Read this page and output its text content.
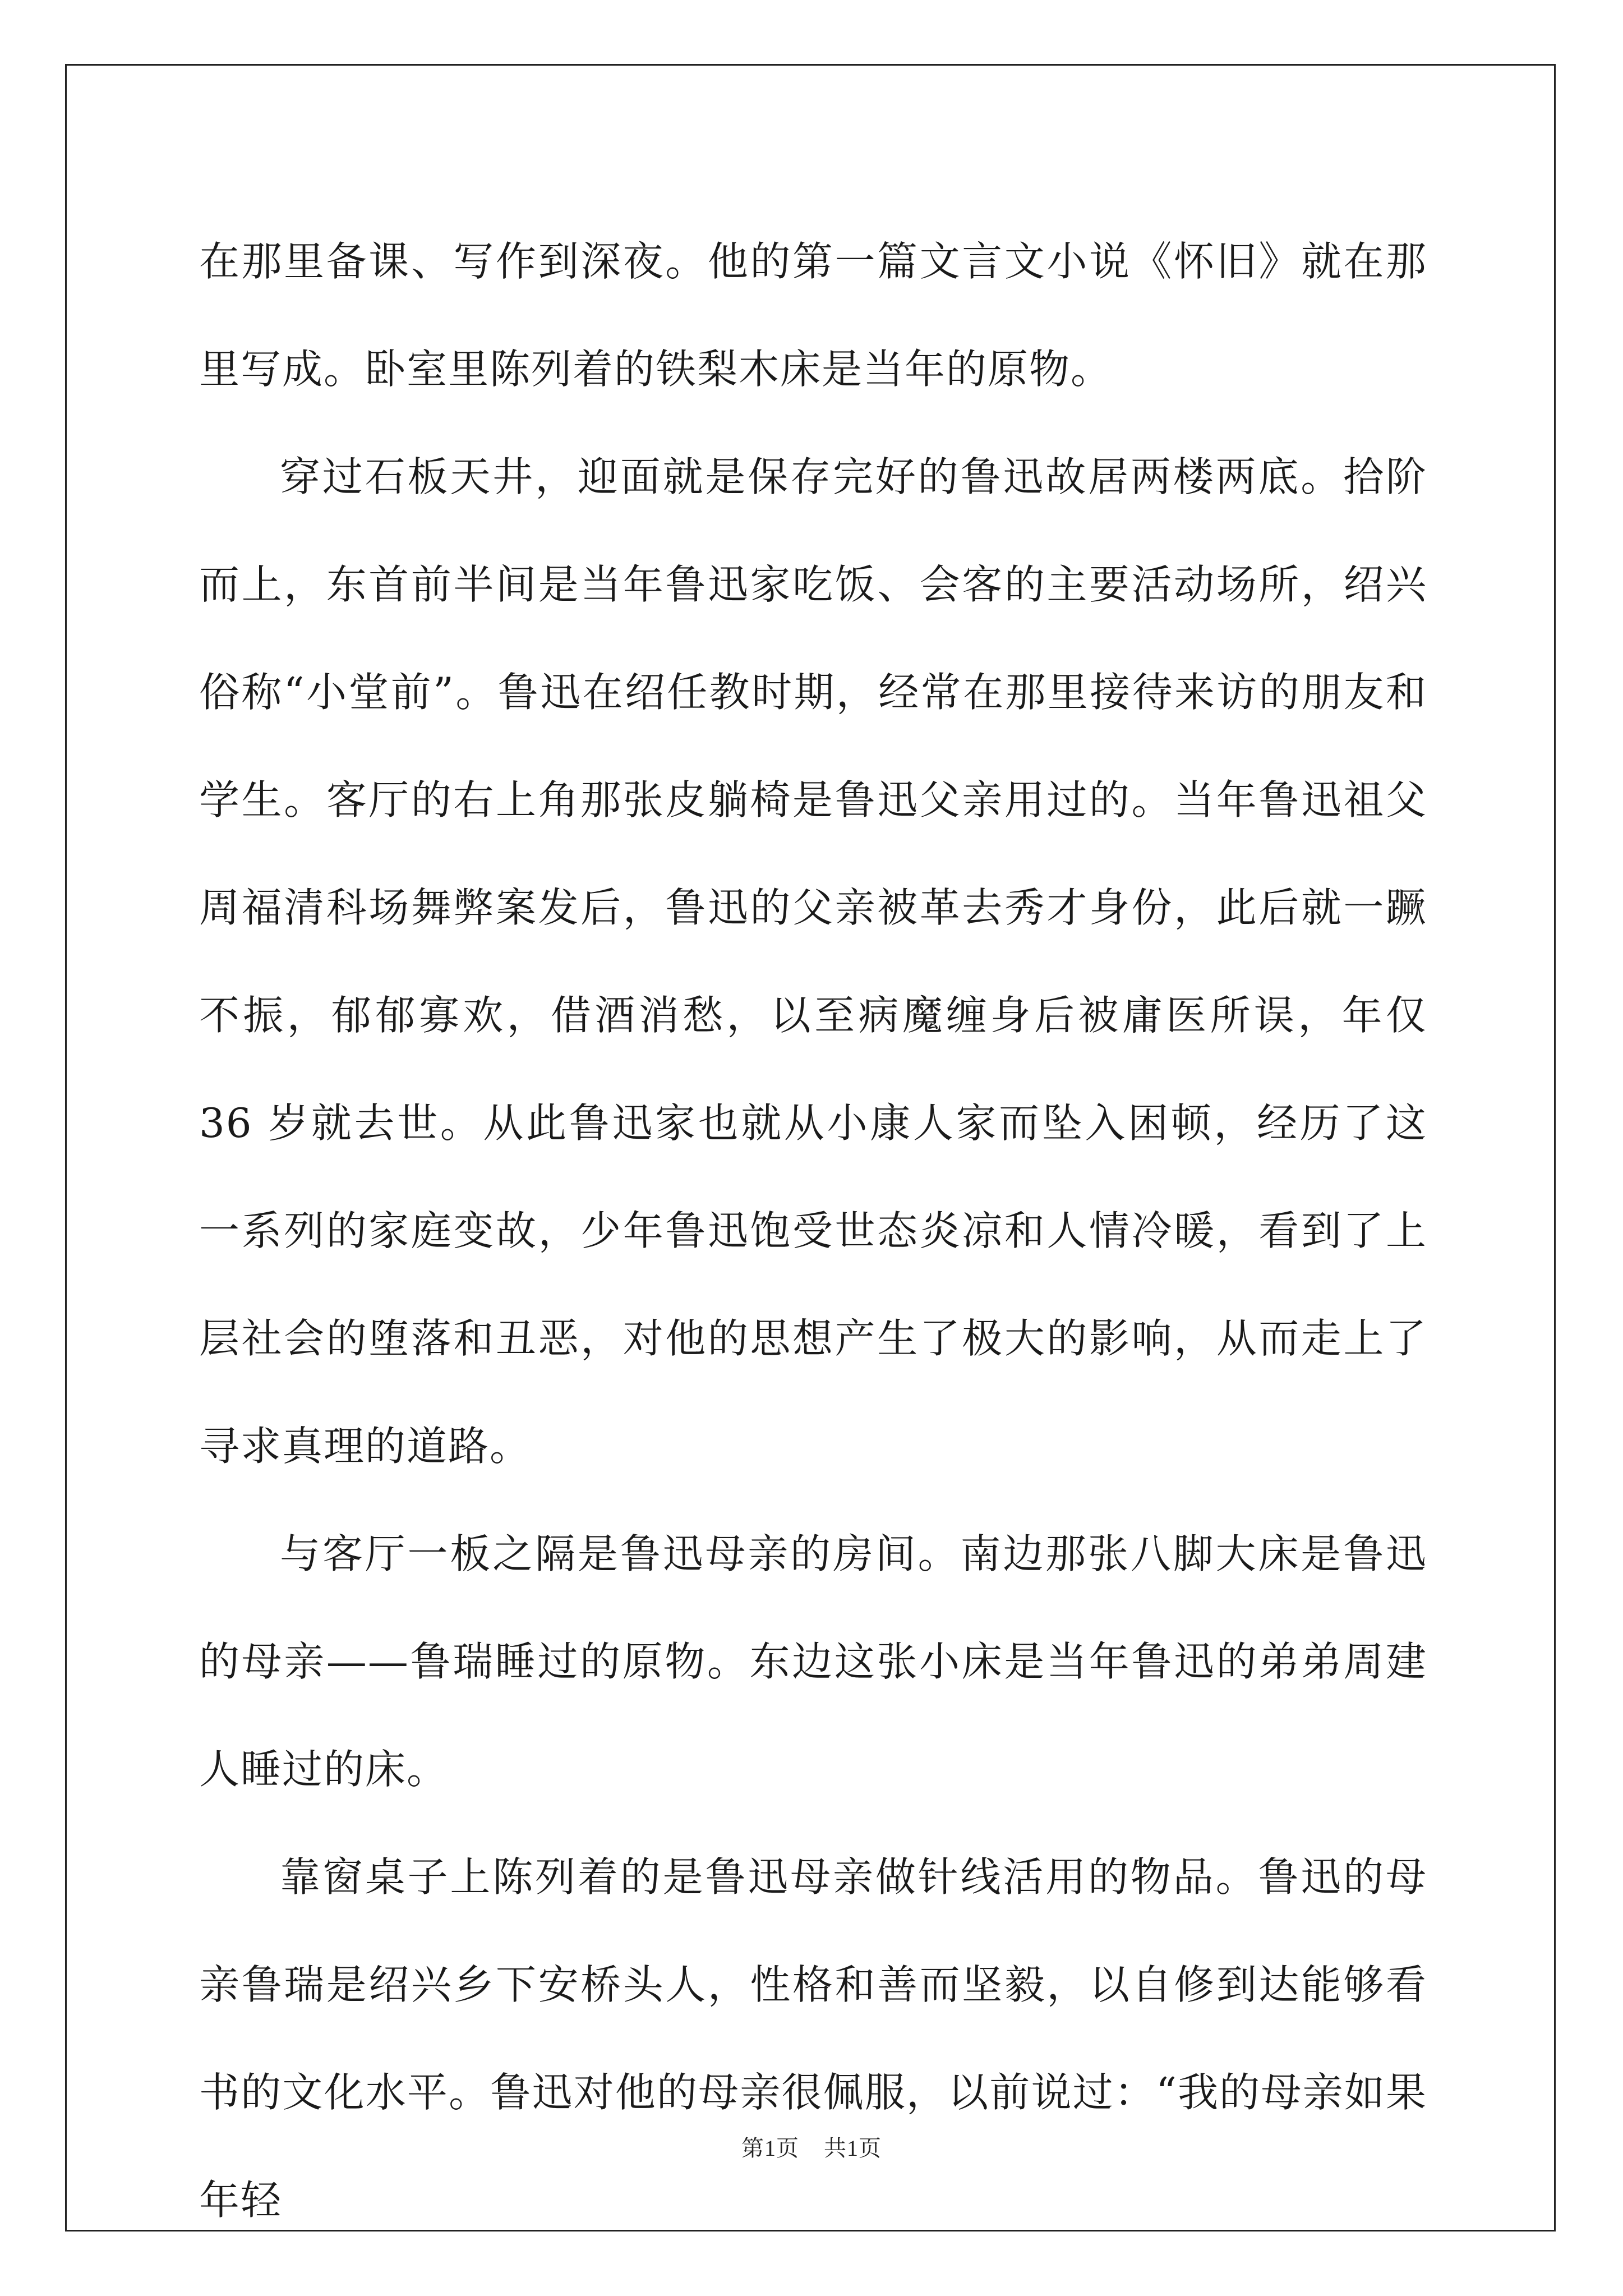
在那里备课、写作到深夜。他的第一篇文言文小说《怀旧》就在那里写成。卧室里陈列着的铁梨木床是当年的原物。

穿过石板天井，迎面就是保存完好的鲁迅故居两楼两底。拾阶而上，东首前半间是当年鲁迅家吃饭、会客的主要活动场所，绍兴俗称“小堂前”。鲁迅在绍任教时期，经常在那里接待来访的朋友和学生。客厅的右上角那张皮躺椅是鲁迅父亲用过的。当年鲁迅祖父周福清科场舞弊案发后，鲁迅的父亲被革去秀才身份，此后就一蹶不振，郁郁寡欢，借酒消愁，以至病魔缠身后被庸医所误，年仅 36 岁就去世。从此鲁迅家也就从小康人家而坠入困顿，经历了这一系列的家庭变故，少年鲁迅饱受世态炎凉和人情冷暖，看到了上层社会的堕落和丑恶，对他的思想产生了极大的影响，从而走上了寻求真理的道路。

与客厅一板之隔是鲁迅母亲的房间。南边那张八脚大床是鲁迅的母亲——鲁瑞睡过的原物。东边这张小床是当年鲁迅的弟弟周建人睡过的床。

靠窗桌子上陈列着的是鲁迅母亲做针线活用的物品。鲁迅的母亲鲁瑞是绍兴乡下安桥头人，性格和善而坚毅，以自修到达能够看书的文化水平。鲁迅对他的母亲很佩服，以前说过：“我的母亲如果年轻

第1页 共1页
